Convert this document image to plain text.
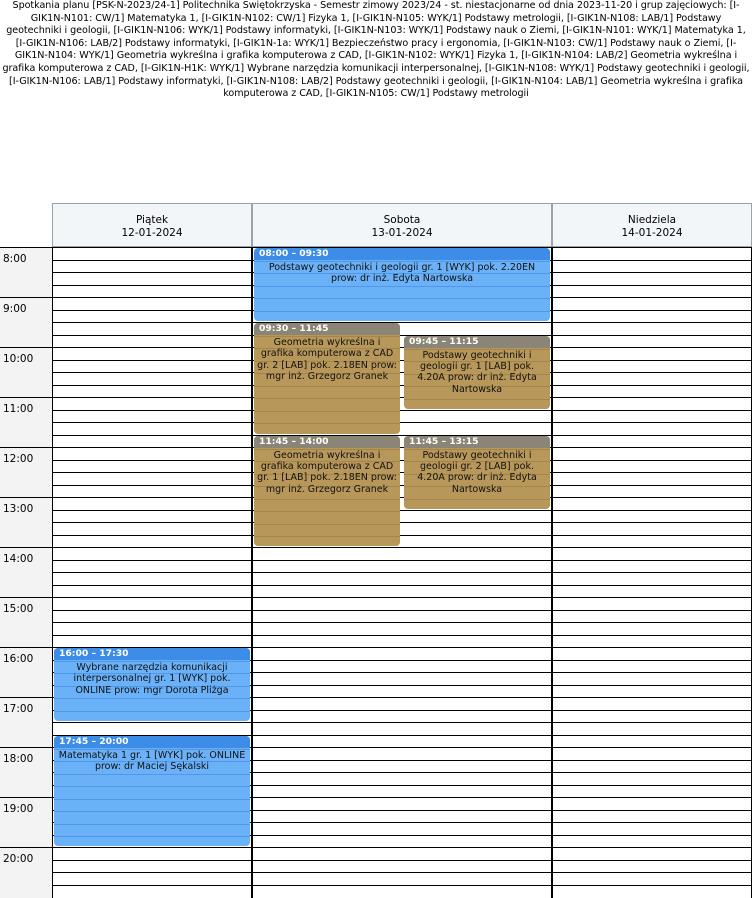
Spotkania planu [PSK-N-2023/24-1] Politechnika Świętokrzyska - Semestr zimowy 2023/24 - st. niestacjonarne od dnia 2023-11-20 i grup zajęciowych: [I-GIK1N-N101: CW/1] Matematyka 1, [I-GIK1N-N102: CW/1] Fizyka 1, [I-GIK1N-N105: WYK/1] Podstawy metrologii, [I-GIK1N-N108: LAB/1] Podstawy geotechniki i geologii, [I-GIK1N-N106: WYK/1] Podstawy informatyki, [I-GIK1N-N103: WYK/1] Podstawy nauk o Ziemi, [I-GIK1N-N101: WYK/1] Matematyka 1, [I-GIK1N-N106: LAB/2] Podstawy informatyki, [I-GIK1N-1a: WYK/1] Bezpieczeństwo pracy i ergonomia, [I-GIK1N-N103: CW/1] Podstawy nauk o Ziemi, [I-GIK1N-N104: WYK/1] Geometria wykreślna i grafika komputerowa z CAD, [I-GIK1N-N102: WYK/1] Fizyka 1, [I-GIK1N-N104: LAB/2] Geometria wykreślna i grafika komputerowa z CAD, [I-GIK1N-H1K: WYK/1] Wybrane narzędzia komunikacji interpersonalnej, [I-GIK1N-N108: WYK/1] Podstawy geotechniki i geologii, [I-GIK1N-N106: LAB/1] Podstawy informatyki, [I-GIK1N-N108: LAB/2] Podstawy geotechniki i geologii, [I-GIK1N-N104: LAB/1] Geometria wykreślna i grafika komputerowa z CAD, [I-GIK1N-N105: CW/1] Podstawy metrologii
8:00
9:00
10:00
11:00
12:00
13:00
14:00
15:00
16:00
17:00
18:00
19:00
20:00
Piątek
12-01-2024
Sobota
13-01-2024
Niedziela
14-01-2024
08:00 – 09:30
Podstawy geotechniki i geologii gr. 1 [WYK] pok. 2.20EN prow: dr inż. Edyta Nartowska
09:30 – 11:45
Geometria wykreślna i grafika komputerowa z CAD gr. 2 [LAB] pok. 2.18EN prow: mgr inż. Grzegorz Granek
09:45 – 11:15
Podstawy geotechniki i geologii gr. 1 [LAB] pok. 4.20A prow: dr inż. Edyta Nartowska
11:45 – 14:00
Geometria wykreślna i grafika komputerowa z CAD gr. 1 [LAB] pok. 2.18EN prow: mgr inż. Grzegorz Granek
11:45 – 13:15
Podstawy geotechniki i geologii gr. 2 [LAB] pok. 4.20A prow: dr inż. Edyta Nartowska
16:00 – 17:30
Wybrane narzędzia komunikacji interpersonalnej gr. 1 [WYK] pok. ONLINE prow: mgr Dorota Pliżga
17:45 – 20:00
Matematyka 1 gr. 1 [WYK] pok. ONLINE prow: dr Maciej Sękalski
